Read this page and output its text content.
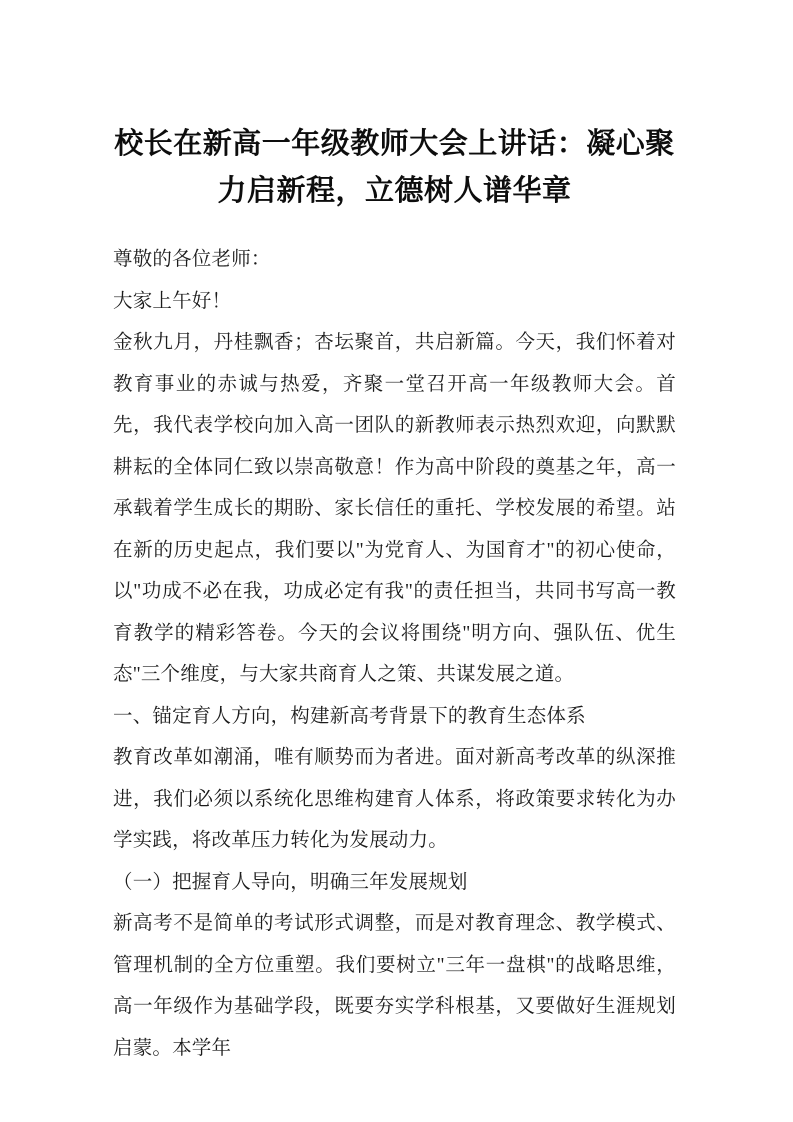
校长在新高一年级教师大会上讲话：凝心聚力启新程，立德树人谱华章

尊敬的各位老师：

大家上午好！

金秋九月，丹桂飘香；杏坛聚首，共启新篇。今天，我们怀着对教育事业的赤诚与热爱，齐聚一堂召开高一年级教师大会。首先，我代表学校向加入高一团队的新教师表示热烈欢迎，向默默耕耘的全体同仁致以崇高敬意！作为高中阶段的奠基之年，高一承载着学生成长的期盼、家长信任的重托、学校发展的希望。站在新的历史起点，我们要以"为党育人、为国育才"的初心使命，以"功成不必在我，功成必定有我"的责任担当，共同书写高一教育教学的精彩答卷。今天的会议将围绕"明方向、强队伍、优生态"三个维度，与大家共商育人之策、共谋发展之道。

一、锚定育人方向，构建新高考背景下的教育生态体系

教育改革如潮涌，唯有顺势而为者进。面对新高考改革的纵深推进，我们必须以系统化思维构建育人体系，将政策要求转化为办学实践，将改革压力转化为发展动力。

（一）把握育人导向，明确三年发展规划

新高考不是简单的考试形式调整，而是对教育理念、教学模式、管理机制的全方位重塑。我们要树立"三年一盘棋"的战略思维，高一年级作为基础学段，既要夯实学科根基，又要做好生涯规划启蒙。本学年
